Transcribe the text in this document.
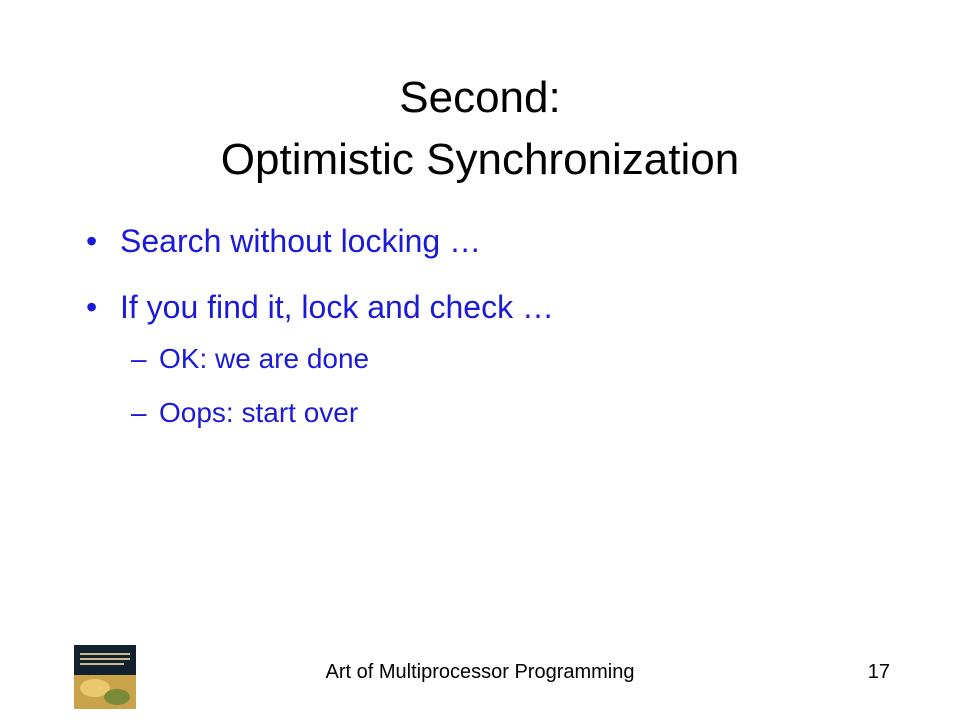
Second:
Optimistic Synchronization
• Search without locking …
• If you find it, lock and check …
– OK: we are done
– Oops: start over
Art of Multiprocessor Programming	17
